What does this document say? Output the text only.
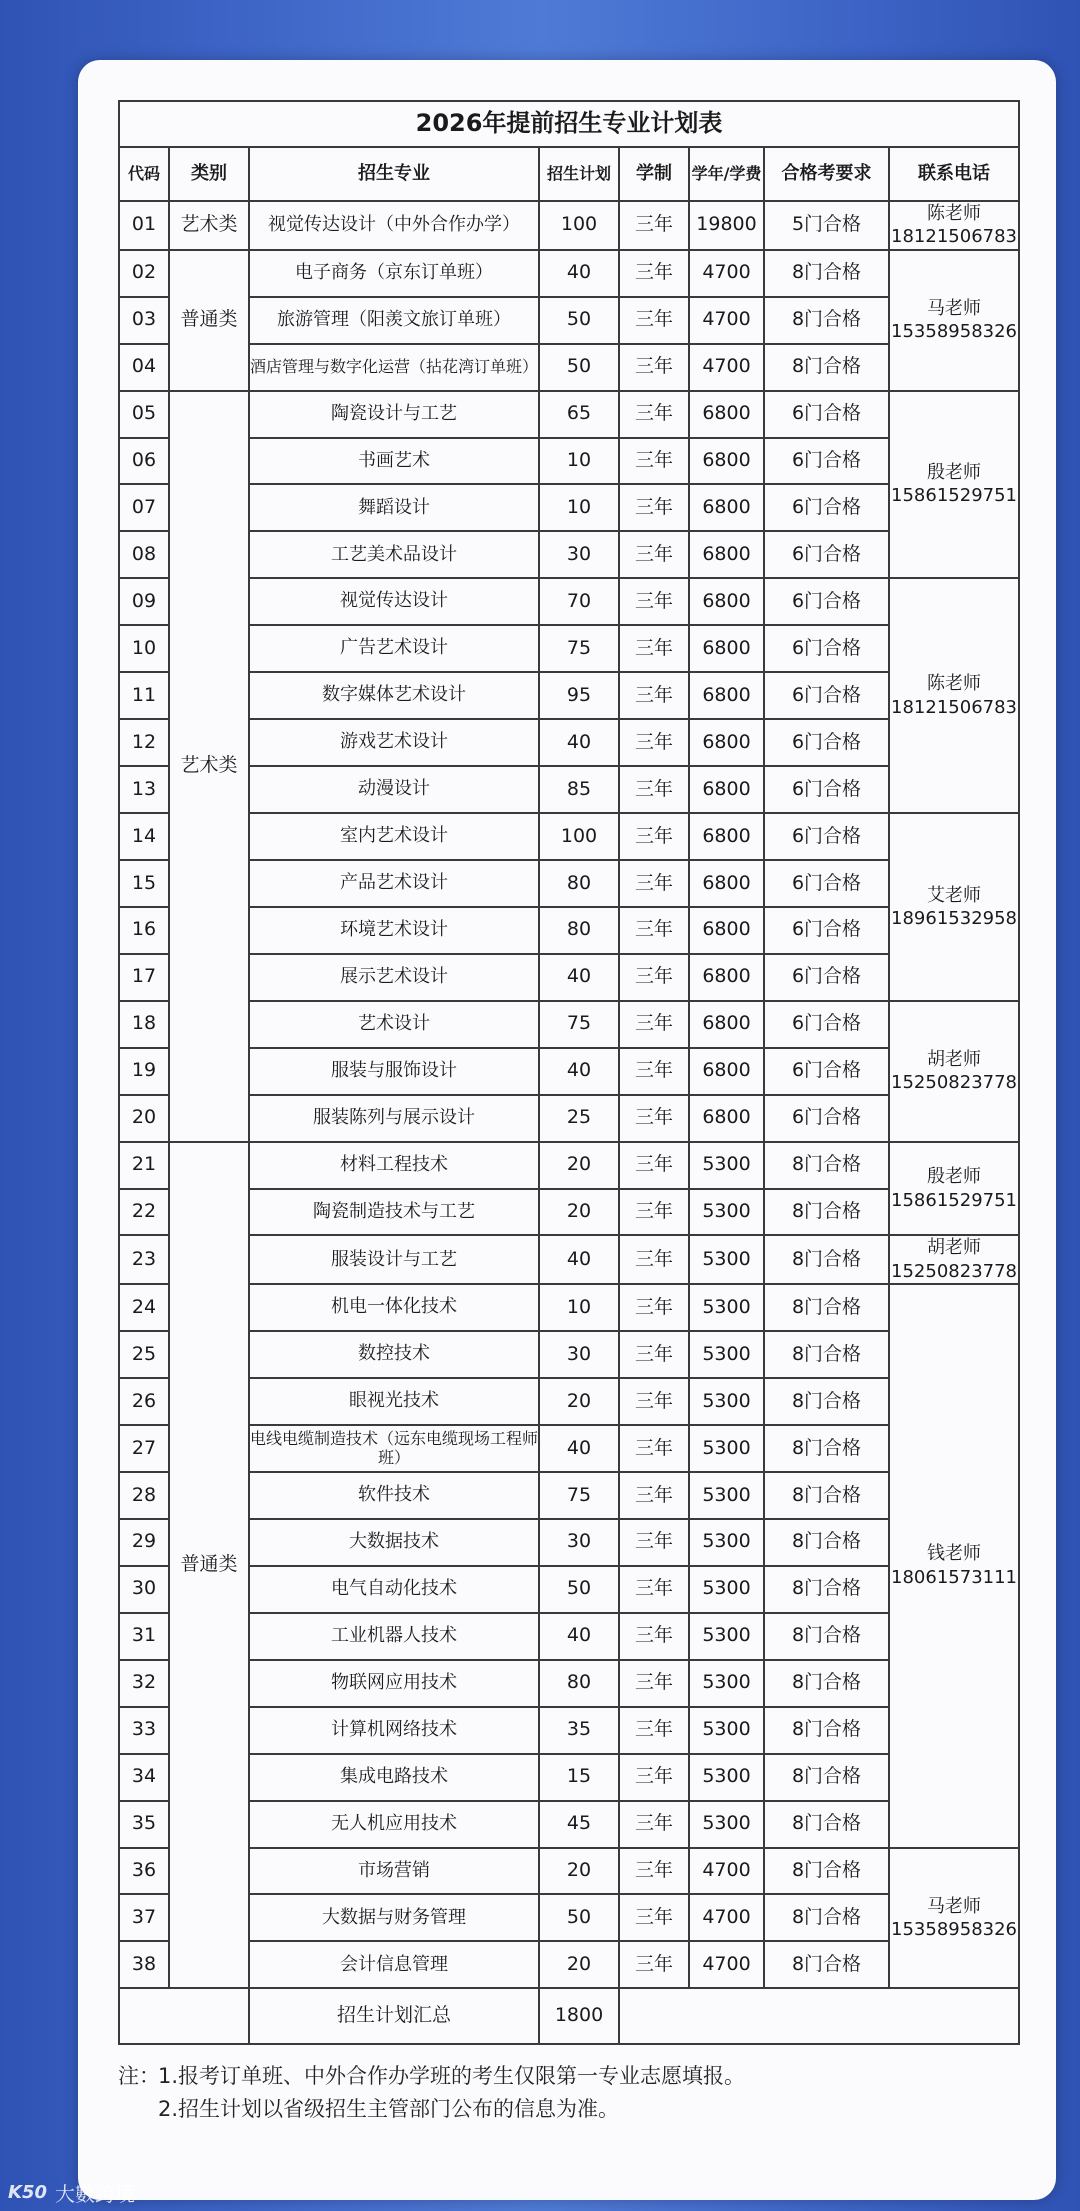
2026年提前招生专业计划表							
代码	类别	招生专业	招生计划	学制	学年/学费	合格考要求	联系电话
01	艺术类	视觉传达设计（中外合作办学）	100	三年	19800	5门合格	陈老师
18121506783

02	普通类	电子商务（京东订单班）	40	三年	4700	8门合格	马老师
15358958326

03		旅游管理（阳羡文旅订单班）	50	三年	4700	8门合格	
04		酒店管理与数字化运营（拈花湾订单班）	50	三年	4700	8门合格	
05	艺术类	陶瓷设计与工艺	65	三年	6800	6门合格	殷老师
15861529751

06		书画艺术	10	三年	6800	6门合格	
07		舞蹈设计	10	三年	6800	6门合格	
08		工艺美术品设计	30	三年	6800	6门合格	
09		视觉传达设计	70	三年	6800	6门合格	陈老师
18121506783

10		广告艺术设计	75	三年	6800	6门合格	
11		数字媒体艺术设计	95	三年	6800	6门合格	
12		游戏艺术设计	40	三年	6800	6门合格	
13		动漫设计	85	三年	6800	6门合格	
14		室内艺术设计	100	三年	6800	6门合格	艾老师
18961532958

15		产品艺术设计	80	三年	6800	6门合格	
16		环境艺术设计	80	三年	6800	6门合格	
17		展示艺术设计	40	三年	6800	6门合格	
18		艺术设计	75	三年	6800	6门合格	胡老师
15250823778

19		服装与服饰设计	40	三年	6800	6门合格	
20		服装陈列与展示设计	25	三年	6800	6门合格	
21	普通类	材料工程技术	20	三年	5300	8门合格	殷老师
15861529751

22		陶瓷制造技术与工艺	20	三年	5300	8门合格	
23		服装设计与工艺	40	三年	5300	8门合格	胡老师
15250823778

24		机电一体化技术	10	三年	5300	8门合格	钱老师
18061573111

25		数控技术	30	三年	5300	8门合格	
26		眼视光技术	20	三年	5300	8门合格	
27		电线电缆制造技术（远东电缆现场工程师班）	40	三年	5300	8门合格	
28		软件技术	75	三年	5300	8门合格	
29		大数据技术	30	三年	5300	8门合格	
30		电气自动化技术	50	三年	5300	8门合格	
31		工业机器人技术	40	三年	5300	8门合格	
32		物联网应用技术	80	三年	5300	8门合格	
33		计算机网络技术	35	三年	5300	8门合格	
34		集成电路技术	15	三年	5300	8门合格	
35		无人机应用技术	45	三年	5300	8门合格	
36		市场营销	20	三年	4700	8门合格	马老师
15358958326

37		大数据与财务管理	50	三年	4700	8门合格	
38		会计信息管理	20	三年	4700	8门合格	
		招生计划汇总	1800				
注：1.报考订单班、中外合作办学班的考生仅限第一专业志愿填报。
2.招生计划以省级招生主管部门公布的信息为准。
K50 大數跨境
